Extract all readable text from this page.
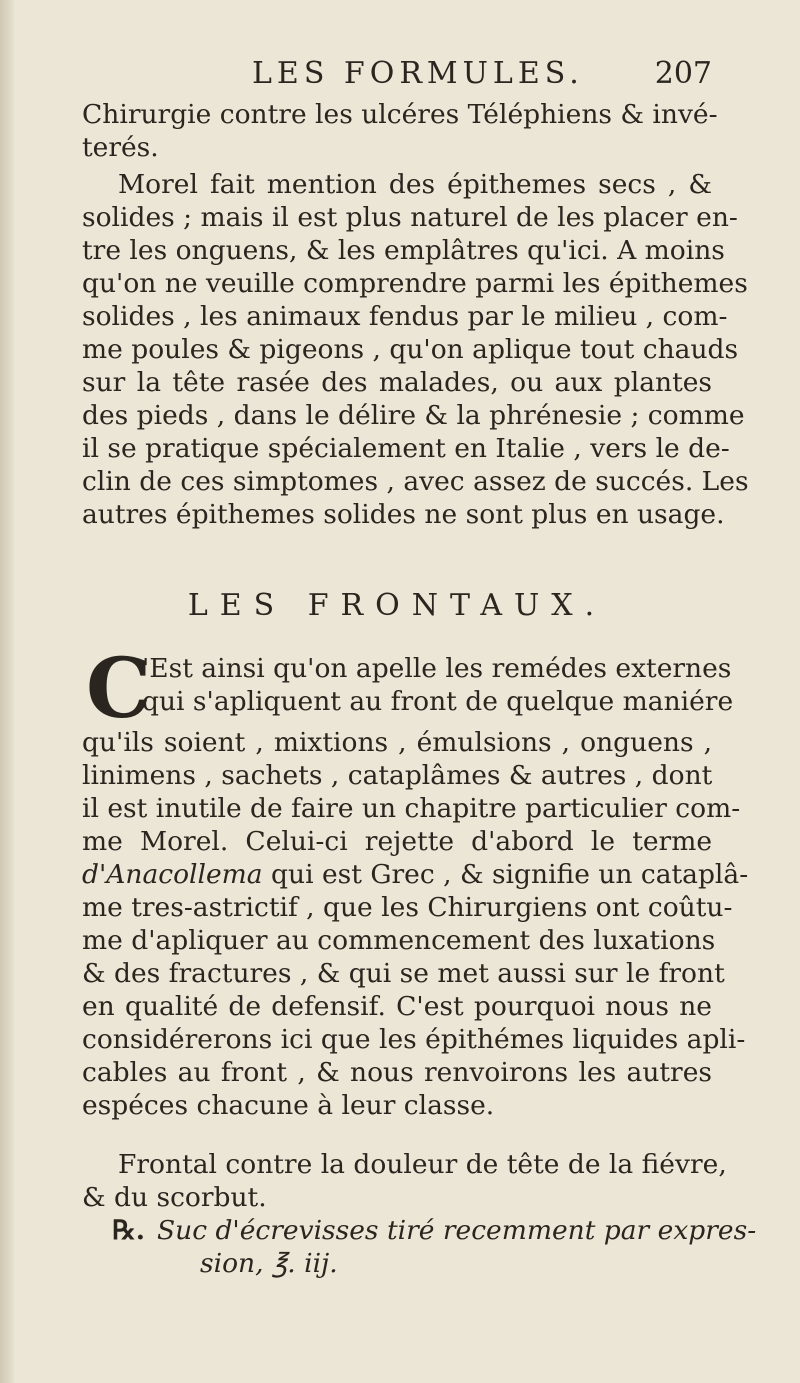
LES FORMULES. 207
Chirurgie contre les ulcéres Téléphiens & invé-
terés.
Morel fait mention des épithemes secs , &
solides ; mais il est plus naturel de les placer en-
tre les onguens, & les emplâtres qu'ici. A moins
qu'on ne veuille comprendre parmi les épithemes
solides , les animaux fendus par le milieu , com-
me poules & pigeons , qu'on aplique tout chauds
sur la tête rasée des malades, ou aux plantes
des pieds , dans le délire & la phrénesie ; comme
il se pratique spécialement en Italie , vers le de-
clin de ces simptomes , avec assez de succés. Les
autres épithemes solides ne sont plus en usage.
LES FRONTAUX.
C
'Est ainsi qu'on apelle les remédes externes
qui s'apliquent au front de quelque maniére
qu'ils soient , mixtions , émulsions , onguens ,
linimens , sachets , cataplâmes & autres , dont
il est inutile de faire un chapitre particulier com-
me Morel. Celui-ci rejette d'abord le terme
d'Anacollema qui est Grec , & signifie un cataplâ-
me tres-astrictif , que les Chirurgiens ont coûtu-
me d'apliquer au commencement des luxations
& des fractures , & qui se met aussi sur le front
en qualité de defensif. C'est pourquoi nous ne
considérerons ici que les épithémes liquides apli-
cables au front , & nous renvoirons les autres
espéces chacune à leur classe.
Frontal contre la douleur de tête de la fiévre,
& du scorbut.
℞. Suc d'écrevisses tiré recemment par expres-
sion, ℥. iij.
